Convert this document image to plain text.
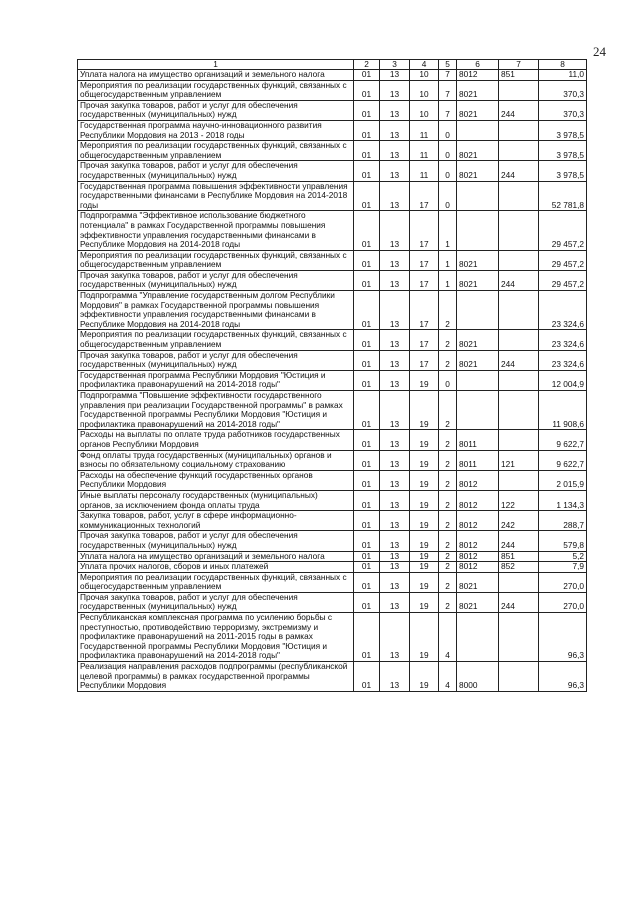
24
1	2	3	4	5	6	7	8
Уплата налога на имущество организаций и земельного налога	01	13	10	7	8012	851	11,0
Мероприятия по реализации государственных функций, связанных с общегосударственным управлением	01	13	10	7	8021		370,3
Прочая закупка товаров, работ и услуг для обеспечения государственных (муниципальных) нужд	01	13	10	7	8021	244	370,3
Государственная программа научно-инновационного развития Республики Мордовия на 2013 - 2018 годы	01	13	11	0			3 978,5
Мероприятия по реализации государственных функций, связанных с общегосударственным управлением	01	13	11	0	8021		3 978,5
Прочая закупка товаров, работ и услуг для обеспечения государственных (муниципальных) нужд	01	13	11	0	8021	244	3 978,5
Государственная программа повышения эффективности управления государственными финансами в Республике Мордовия на 2014-2018 годы	01	13	17	0			52 781,8
Подпрограмма "Эффективное использование бюджетного потенциала" в рамках Государственной программы повышения эффективности управления государственными финансами в Республике Мордовия на 2014-2018 годы	01	13	17	1			29 457,2
Мероприятия по реализации государственных функций, связанных с общегосударственным управлением	01	13	17	1	8021		29 457,2
Прочая закупка товаров, работ и услуг для обеспечения государственных (муниципальных) нужд	01	13	17	1	8021	244	29 457,2
Подпрограмма "Управление государственным долгом Республики Мордовия" в рамках Государственной программы повышения эффективности управления государственными финансами в Республике Мордовия на 2014-2018 годы	01	13	17	2			23 324,6
Мероприятия по реализации государственных функций, связанных с общегосударственным управлением	01	13	17	2	8021		23 324,6
Прочая закупка товаров, работ и услуг для обеспечения государственных (муниципальных) нужд	01	13	17	2	8021	244	23 324,6
Государственная программа Республики Мордовия "Юстиция и профилактика правонарушений на 2014-2018 годы"	01	13	19	0			12 004,9
Подпрограмма "Повышение эффективности государственного управления при реализации Государственной программы" в рамках Государственной программы Республики Мордовия "Юстиция и профилактика правонарушений на 2014-2018 годы"	01	13	19	2			11 908,6
Расходы на выплаты по оплате труда работников государственных органов Республики Мордовия	01	13	19	2	8011		9 622,7
Фонд оплаты труда государственных (муниципальных) органов и взносы по обязательному социальному страхованию	01	13	19	2	8011	121	9 622,7
Расходы на обеспечение функций государственных органов Республики Мордовия	01	13	19	2	8012		2 015,9
Иные выплаты персоналу государственных (муниципальных) органов, за исключением фонда оплаты труда	01	13	19	2	8012	122	1 134,3
Закупка товаров, работ, услуг в сфере информационно-коммуникационных технологий	01	13	19	2	8012	242	288,7
Прочая закупка товаров, работ и услуг для обеспечения государственных (муниципальных) нужд	01	13	19	2	8012	244	579,8
Уплата налога на имущество организаций и земельного налога	01	13	19	2	8012	851	5,2
Уплата прочих налогов, сборов и иных платежей	01	13	19	2	8012	852	7,9
Мероприятия по реализации государственных функций, связанных с общегосударственным управлением	01	13	19	2	8021		270,0
Прочая закупка товаров, работ и услуг для обеспечения государственных (муниципальных) нужд	01	13	19	2	8021	244	270,0
Республиканская комплексная программа по усилению борьбы с преступностью, противодействию терроризму, экстремизму и профилактике правонарушений на 2011-2015 годы в рамках Государственной программы Республики Мордовия "Юстиция и профилактика правонарушений на 2014-2018 годы"	01	13	19	4			96,3
Реализация направления расходов подпрограммы (республиканской целевой программы) в рамках государственной программы Республики Мордовия	01	13	19	4	8000		96,3
